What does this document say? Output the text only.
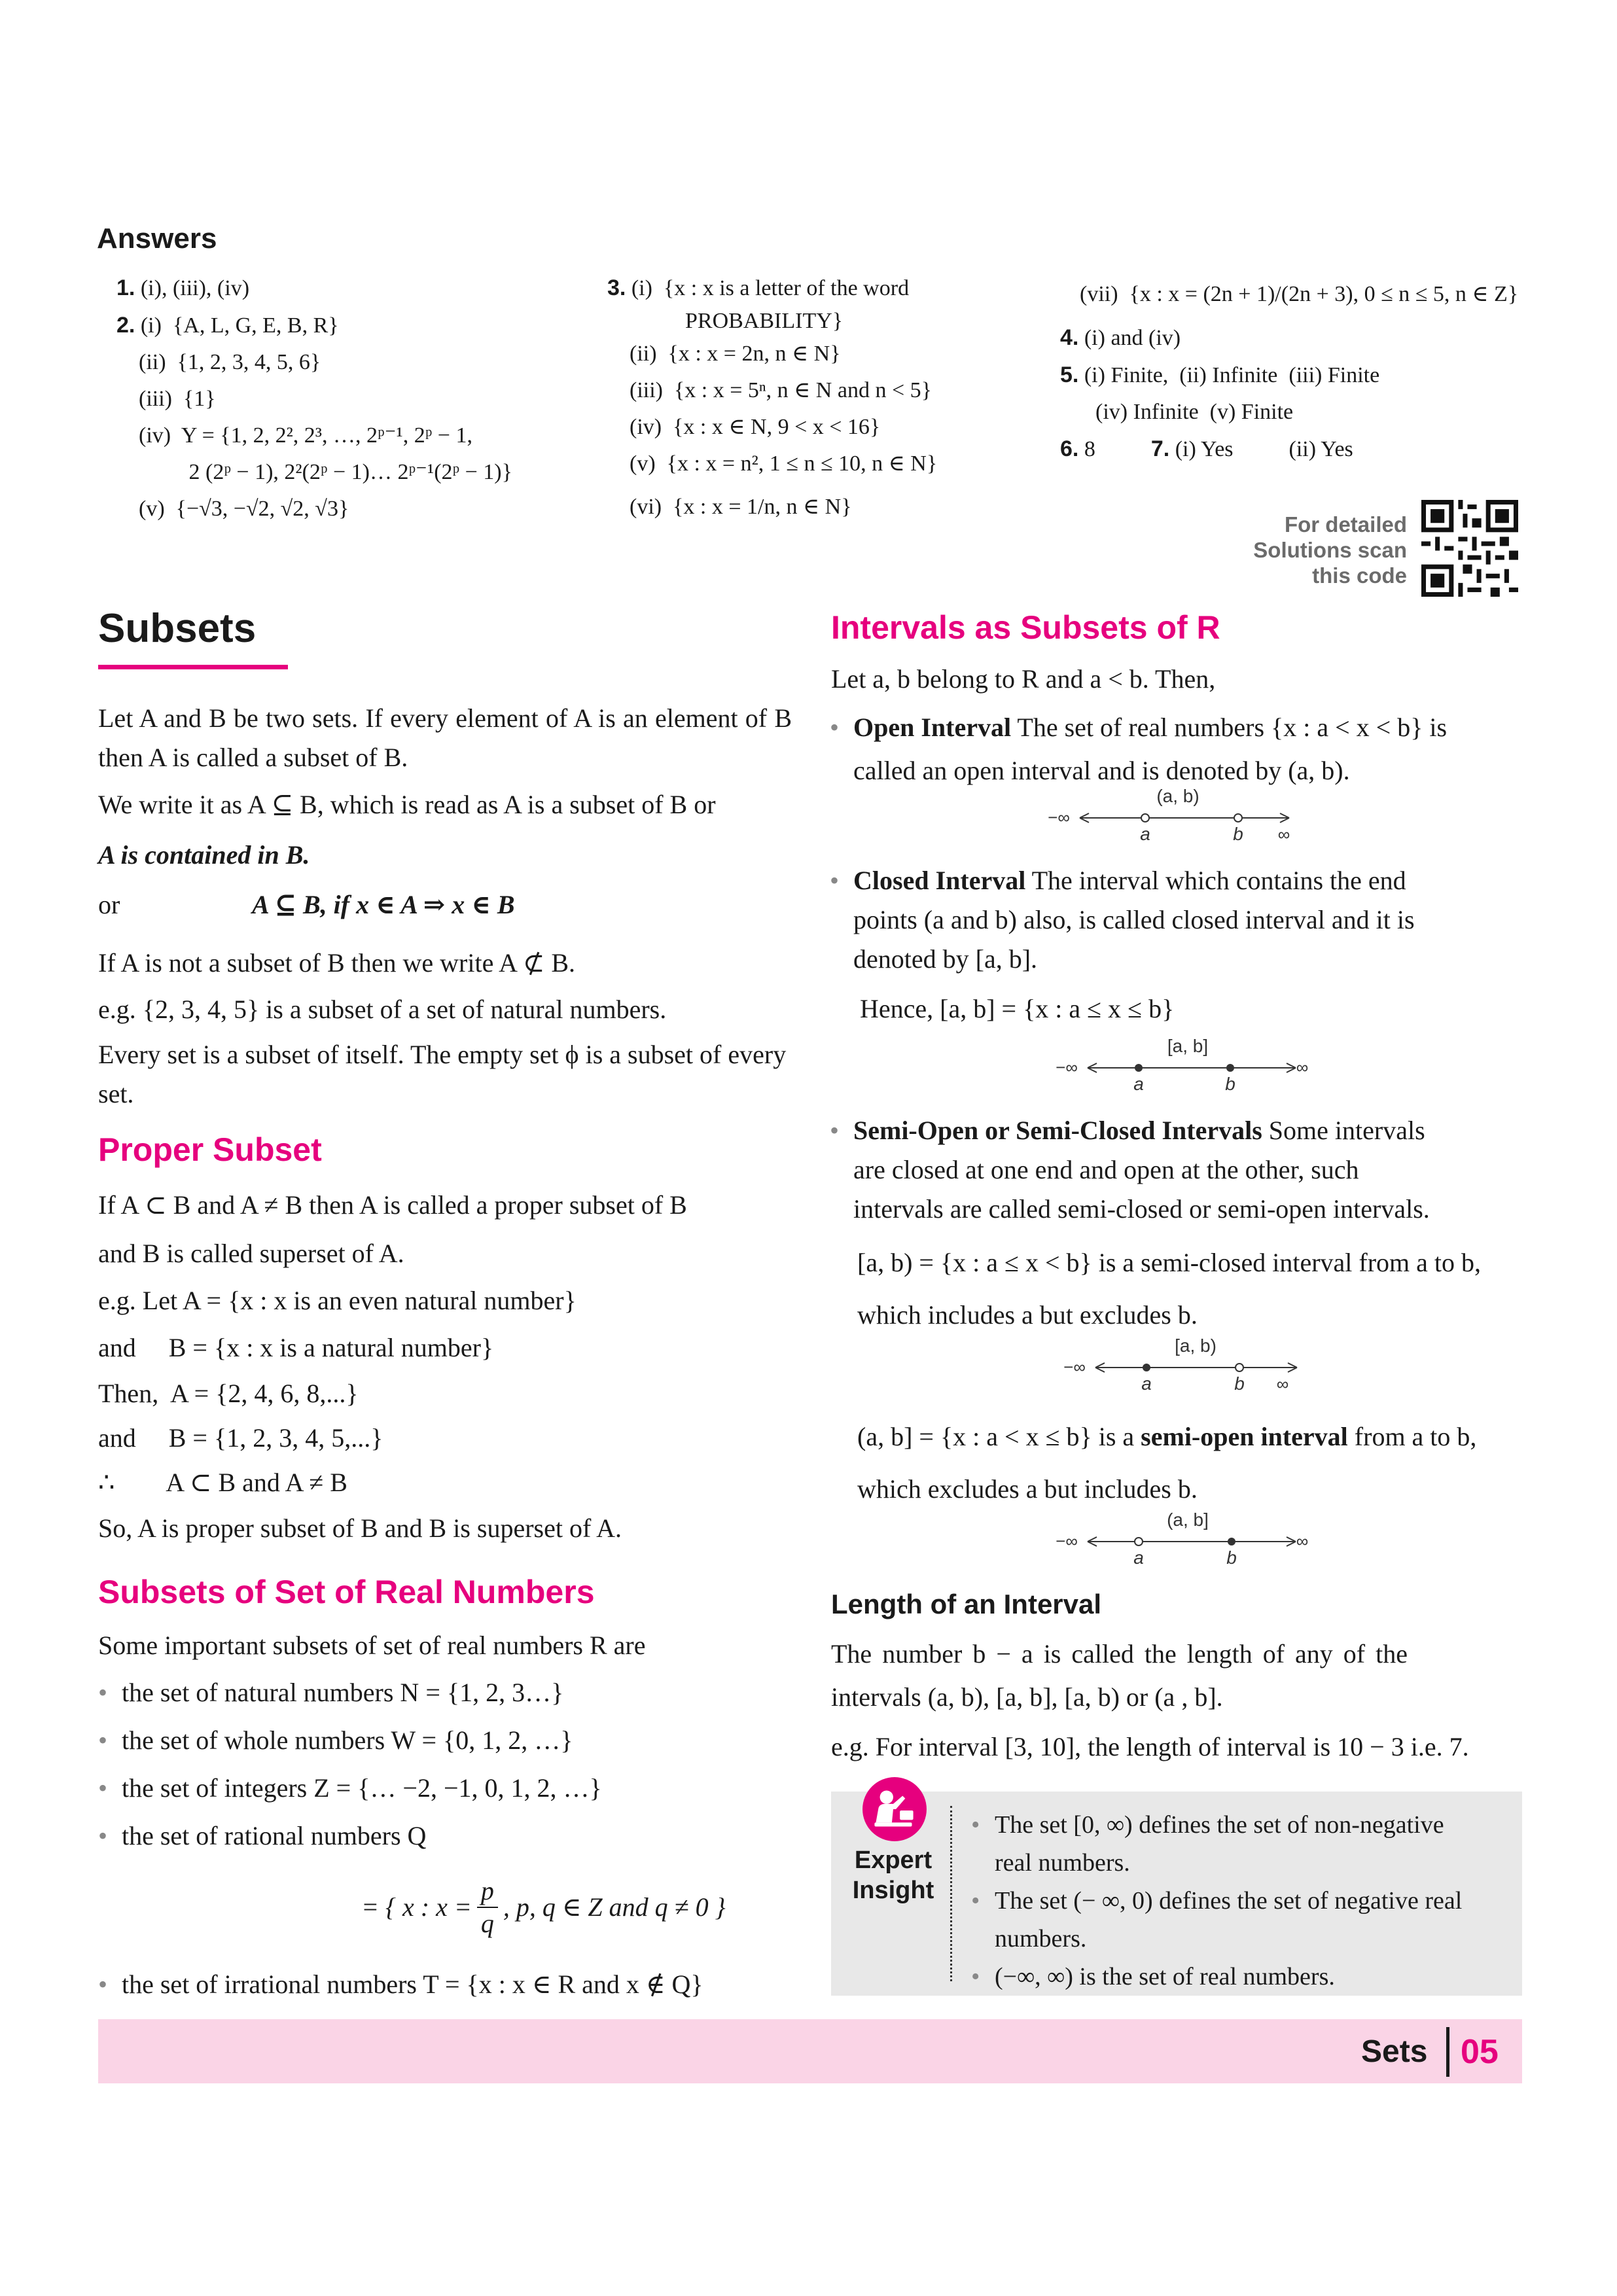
Answers
1. (i), (iii), (iv)
2. (i)  {A, L, G, E, B, R}
(ii)  {1, 2, 3, 4, 5, 6}
(iii)  {1}
(iv)  Y = {1, 2, 2², 2³, …, 2ᵖ⁻¹, 2ᵖ − 1,
2 (2ᵖ − 1), 2²(2ᵖ − 1)… 2ᵖ⁻¹(2ᵖ − 1)}
(v)  {−√3, −√2, √2, √3}
3. (i)  {x : x is a letter of the word
PROBABILITY}
(ii)  {x : x = 2n, n ∈ N}
(iii)  {x : x = 5ⁿ, n ∈ N and n < 5}
(iv)  {x : x ∈ N, 9 < x < 16}
(v)  {x : x = n², 1 ≤ n ≤ 10, n ∈ N}
(vi)  {x : x = 1/n, n ∈ N}
(vii)  {x : x = (2n + 1)/(2n + 3), 0 ≤ n ≤ 5, n ∈ Z}
4. (i) and (iv)
5. (i) Finite,  (ii) Infinite  (iii) Finite
(iv) Infinite  (v) Finite
6. 8	7. (i) Yes          (ii) Yes
For detailed
Solutions scan
this code
Subsets
Let A and B be two sets. If every element of A is an element of B then A is called a subset of B.
We write it as A ⊆ B, which is read as A is a subset of B or
A is contained in B.
or	A ⊆ B, if x ∈ A ⇒ x ∈ B
If A is not a subset of B then we write A ⊄ B.
e.g. {2, 3, 4, 5} is a subset of a set of natural numbers.
Every set is a subset of itself. The empty set ϕ is a subset of every set.
Proper Subset
If A ⊂ B and A ≠ B then A is called a proper subset of B
and B is called superset of A.
e.g. Let A = {x : x is an even natural number}
and     B = {x : x is a natural number}
Then,  A = {2, 4, 6, 8,...}
and     B = {1, 2, 3, 4, 5,...}
∴        A ⊂ B and A ≠ B
So, A is proper subset of B and B is superset of A.
Subsets of Set of Real Numbers
Some important subsets of set of real numbers R are
• the set of natural numbers N = {1, 2, 3…}
• the set of whole numbers W = {0, 1, 2, …}
• the set of integers Z = {… −2, −1, 0, 1, 2, …}
• the set of rational numbers Q
= { x : $x = \frac{p}{q}$ , p, q ∈ Z and q ≠ 0 }
• the set of irrational numbers T = {x : x ∈ R and x ∉ Q}
Intervals as Subsets of R
Let a, b belong to R and a < b. Then,
• Open Interval The set of real numbers {x : a < x < b} is
called an open interval and is denoted by (a, b).
(a, b)
−∞
a	b ∞
• Closed Interval The interval which contains the end
points (a and b) also, is called closed interval and it is
denoted by [a, b].
Hence, [a, b] = {x : a ≤ x ≤ b}
[a, b]
−∞
a	b
∞
• Semi-Open or Semi-Closed Intervals Some intervals
are closed at one end and open at the other, such
intervals are called semi-closed or semi-open intervals.
[a, b) = {x : a ≤ x < b} is a semi-closed interval from a to b,
which includes a but excludes b.
[a, b)
−∞
a	b ∞
(a, b] = {x : a < x ≤ b} is a semi-open interval from a to b,
which excludes a but includes b.
(a, b]
−∞
a	b
∞
Length of an Interval
The number b − a is called the length of any of the
intervals (a, b), [a, b], [a, b) or (a , b].
e.g. For interval [3, 10], the length of interval is 10 − 3 i.e. 7.
Expert
Insight
• The set [0, ∞) defines the set of non-negative
real numbers.
• The set (− ∞, 0) defines the set of negative real
numbers.
• (−∞, ∞) is the set of real numbers.
Sets 05
